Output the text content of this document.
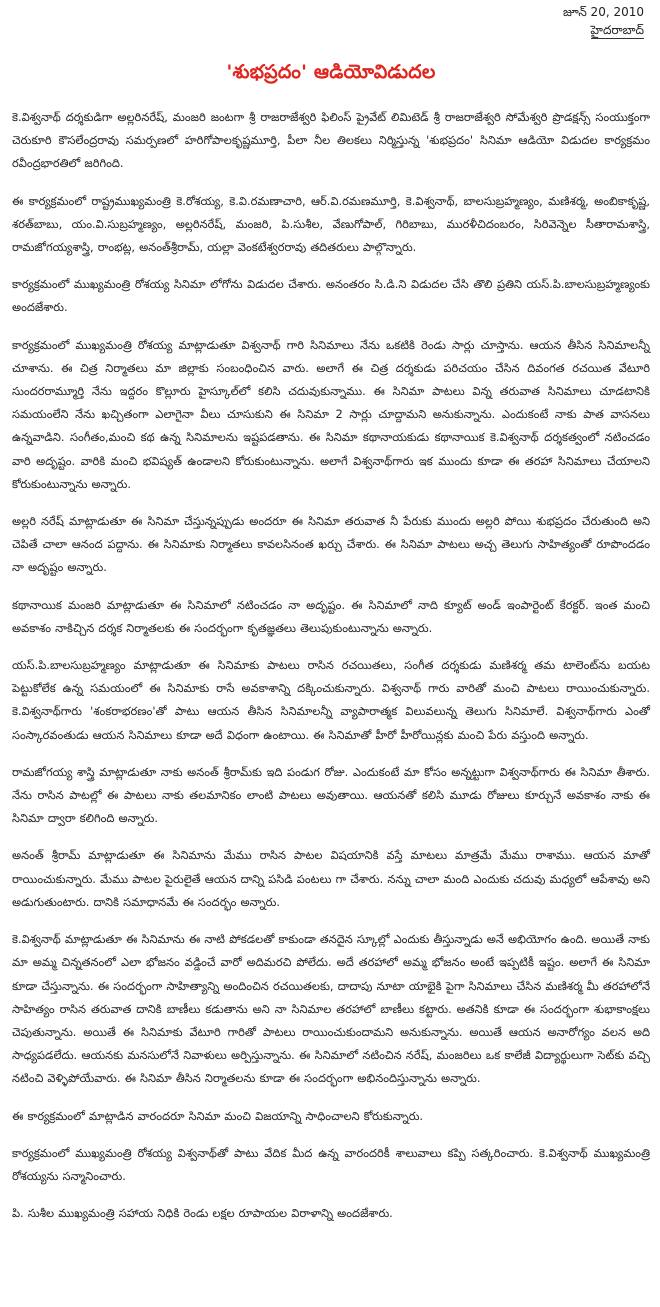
జూన్ 20, 2010
హైదరాబాద్
'శుభప్రదం' ఆడియోవిడుదల

కె.విశ్వనాథ్ దర్శకుడిగా అల్లరినరేష్, మంజరి జంటగా శ్రీ రాజరాజేశ్వరి ఫిలింస్ ప్రైవేట్ లిమిటెడ్ శ్రీ రాజరాజేశ్వరి సోమేశ్వరి ప్రొడక్షన్స్ సంయుక్తంగా చెరుకూరి కౌసలేంద్రరావు సమర్పణలో హరిగోపాలకృష్ణమూర్తి, పీలా నీల తిలకలు నిర్మిస్తున్న 'శుభప్రదం' సినిమా ఆడియో విడుదల కార్యక్రమం రవీంద్రభారతిలో జరిగింది.

ఈ కార్యక్రమంలో రాష్ట్రముఖ్యమంత్రి కె.రోశయ్య, కె.వి.రమణాచారి, ఆర్.వి.రమణమూర్తి, కె.విశ్వనాథ్, బాలసుబ్రహ్మణ్యం, మణిశర్మ, అంబికాకృష్ణ, శరత్‌బాబు, యం.వి.సుబ్రహ్మణ్యం, అల్లరినరేష్, మంజరి, పి.సుశీల, వేణుగోపాల్, గిరిబాబు, మురళీచిదంబరం, సిరివెన్నెల సీతారామశాస్త్రి, రామజోగయ్యశాస్త్రి, రాంభట్ల, అనంత్‌శ్రీరామ్, యల్లా వెంకటేశ్వరరావు తదితరులు పాల్గొన్నారు.

కార్యక్రమంలో ముఖ్యమంత్రి రోశయ్య సినిమా లోగోను విడుదల చేశారు. అనంతరం సి.డి.ని విడుదల చేసి తొలి ప్రతిని యస్.పి.బాలసుబ్రహ్మణ్యంకు అందజేశారు.

కార్యక్రమంలో ముఖ్యమంత్రి రోశయ్య మాట్లాడుతూ విశ్వనాథ్ గారి సినిమాలు నేను ఒకటికి రెండు సార్లు చూస్తాను. ఆయన తీసిన సినిమాలన్నీ చూశాను. ఈ చిత్ర నిర్మాతలు మా జిల్లాకు సంబంధించిన వారు. అలాగే ఈ చిత్ర దర్శకుడు పరిచయం చేసిన దివంగత రచయిత వేటూరి సుందరరామ్మూర్తి నేను ఇద్దరం కొల్లూరు హైస్కూల్‌లో కలిసి చదువుకున్నాము. ఈ సినిమా పాటలు విన్న తరువాత సినిమాలు చూడటానికి సమయంలేని నేను ఖచ్చితంగా ఎలాగైనా వీలు చూసుకుని ఈ సినిమా 2 సార్లు చూద్దామని అనుకున్నాను. ఎందుకంటే నాకు పాత వాసనలు ఉన్నవాడిని. సంగీతం,మంచి కథ ఉన్న సినిమాలను ఇష్టపడతాను. ఈ సినిమా కథానాయకుడు కథానాయిక కె.విశ్వనాథ్ దర్శకత్వంలో నటించడం వారి అదృష్టం. వారికి మంచి భవిష్యత్ ఉండాలని కోరుకుంటున్నాను. అలాగే విశ్వనాథ్‌గారు ఇక ముందు కూడా ఈ తరహా సినిమాలు చేయాలని కోరుకుంటున్నాను అన్నారు.

అల్లరి నరేష్ మాట్లాడుతూ ఈ సినిమా చేస్తున్నప్పుడు అందరూ ఈ సినిమా తరువాత నీ పేరుకు ముందు అల్లరి పోయి శుభప్రదం చేరుతుంది అని చెపితే చాలా ఆనంద పద్దాను. ఈ సినిమాకు నిర్మాతలు కావలసినంత ఖర్చు చేశారు. ఈ సినిమా పాటలు అచ్చ తెలుగు సాహిత్యంతో రూపొందడం నా అదృష్టం అన్నారు.

కథానాయిక మంజరి మాట్లాడుతూ ఈ సినిమాలో నటించడం నా అదృష్టం. ఈ సినిమాలో నాది క్యూట్ అండ్ ఇంపార్టెంట్ కేరక్టర్. ఇంత మంచి అవకాశం నాకిచ్చిన దర్శక నిర్మాతలకు ఈ సందర్భంగా కృతజ్ఞతలు తెలుపుకుంటున్నాను అన్నారు.

యస్.పి.బాలసుబ్రహ్మణ్యం మాట్లాడుతూ ఈ సినిమాకు పాటలు రాసిన రచయితలు, సంగీత దర్శకుడు మణిశర్మ తమ టాలెంట్‌ను బయట పెట్టుకోలేక ఉన్న సమయంలో ఈ సినిమాకు రాసే అవకాశాన్ని దక్కించుకున్నారు. విశ్వనాథ్ గారు వారితో మంచి పాటలు రాయించుకున్నారు. కె.విశ్వనాథ్‌గారు 'శంకరాభరణం'తో పాటు ఆయన తీసిన సినిమాలన్నీ వ్యాపారాత్మక విలువలున్న తెలుగు సినిమాలే. విశ్వనాథ్‌గారు ఎంతో సంస్కారవంతుడు ఆయన సినిమాలు కూడా అదే విధంగా ఉంటాయి. ఈ సినిమాతో హీరో హీరోయిన్లకు మంచి పేరు వస్తుంది అన్నారు.

రామజోగయ్య శాస్త్రి మాట్లాడుతూ నాకు అనంత్ శ్రీరామ్‌కు ఇది పండుగ రోజు. ఎందుకంటే మా కోసం అన్నట్టుగా విశ్వనాథ్‌గారు ఈ సినిమా తీశారు. నేను రాసిన పాటల్లో ఈ పాటలు నాకు తలమానికం లాంటి పాటలు అవుతాయి. ఆయనతో కలిసి మూడు రోజులు కూర్చునే అవకాశం నాకు ఈ సినిమా ద్వారా కలిగింది అన్నారు.

అనంత్ శ్రీరామ్ మాట్లాడుతూ ఈ సినిమాను మేము రాసిన పాటల విషయానికి వస్తే మాటలు మాత్రమే మేము రాశాము. ఆయన మాతో రాయించుకున్నారు. మేము పాటల పైరులైతే ఆయన దాన్ని పసిడి పంటలు గా చేశారు. నన్ను చాలా మంది ఎందుకు చదువు మధ్యలో ఆపేశావు అని అడుగుతుంటారు. దానికి సమాధానమే ఈ సందర్భం అన్నారు.

కె.విశ్వనాథ్ మాట్లాడుతూ ఈ సినిమాను ఈ నాటి పోకడలతో కాకుండా తనదైన స్కూల్లో ఎందుకు తీస్తున్నాడు అనే అభియోగం ఉంది. అయితే నాకు మా అమ్మ చిన్నతనంలో ఎలా భోజనం వడ్డించే వారో అదిమరచి పోలేదు. అదే తరహాలో అమ్మ భోజనం అంటే ఇప్పటికీ ఇష్టం. అలాగే ఈ సినిమా కూడా చేస్తున్నాను. ఈ సందర్భంగా సాహిత్యాన్ని అందించిన రచయితలకు, దాదాపు నూటా యాభైకి పైగా సినిమాలు చేసిన మణిశర్మ మీ తరహాలోనే సాహిత్యం రాసిన తరువాత దానికి బాణీలు కడుతాను అని నా సినిమాల తరహాలో బాణీలు కట్టారు. అతనికి కూడా ఈ సందర్భంగా శుభాకాంక్షలు చెపుతున్నాను. అయితే ఈ సినిమాకు వేటూరి గారితో పాటలు రాయించుకుందామని అనుకున్నాను. అయితే ఆయన అనారోగ్యం వలన అది సాధ్యపడలేదు. ఆయనకు మనసులోనే నివాళులు అర్పిస్తున్నాను. ఈ సినిమాలో నటించిన నరేష్, మంజరిలు ఒక కాలేజీ విద్యార్థులుగా సెట్‌కు వచ్చి నటించి వెళ్ళిపోయేవారు. ఈ సినిమా తీసిన నిర్మాతలను కూడా ఈ సందర్భంగా అభినందిస్తున్నాను అన్నారు.

ఈ కార్యక్రమంలో మాట్లాడిన వారందరూ సినిమా మంచి విజయాన్ని సాధించాలని కోరుకున్నారు.

కార్యక్రమంలో ముఖ్యమంత్రి రోశయ్య విశ్వనాథ్‌తో పాటు వేదిక మీద ఉన్న వారందరికీ శాలువాలు కప్పి సత్కరించారు. కె.విశ్వనాథ్ ముఖ్యమంత్రి రోశయ్యను సన్మానించారు.

పి. సుశీల ముఖ్యమంత్రి సహాయ నిధికి రెండు లక్షల రూపాయల విరాళాన్ని అందజేశారు.
